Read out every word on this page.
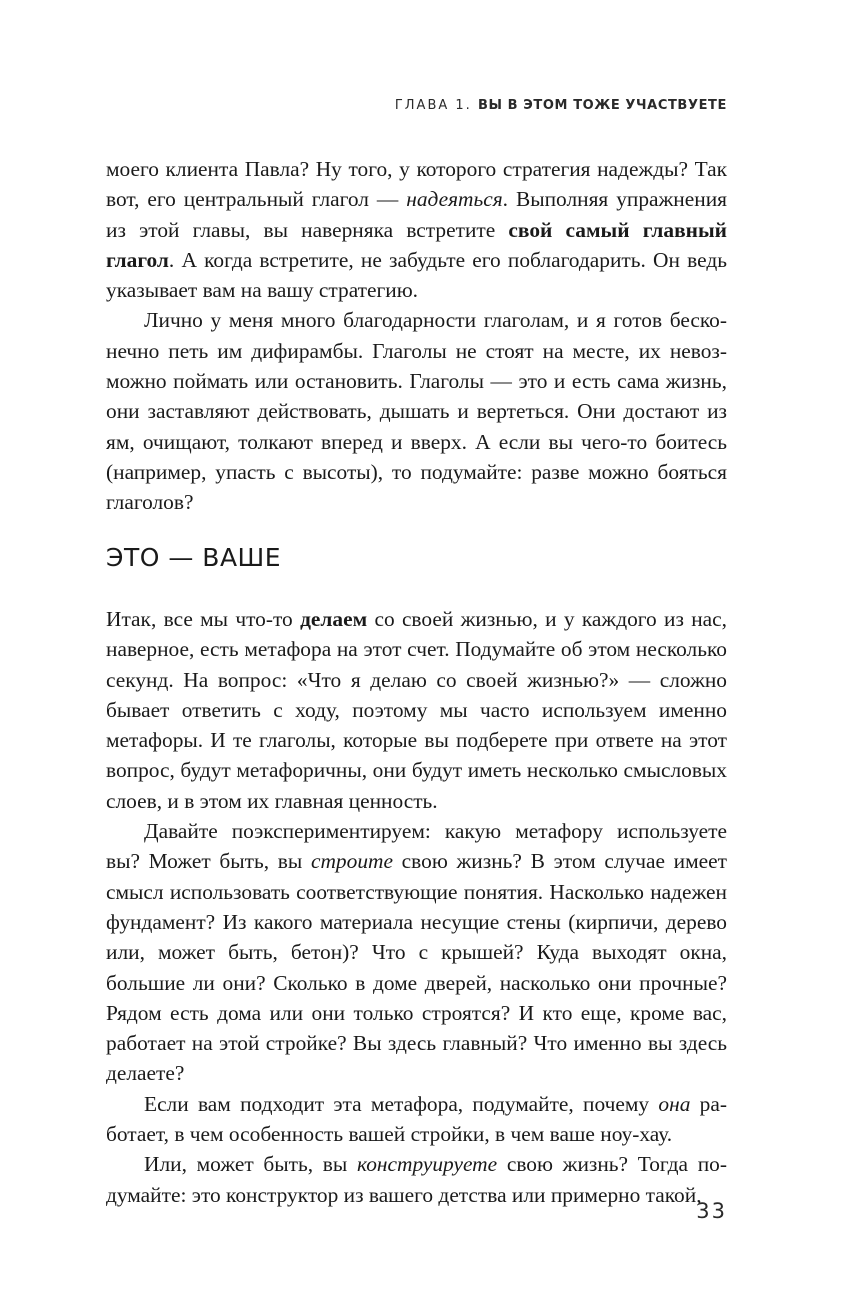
ГЛАВА 1. ВЫ В ЭТОМ ТОЖЕ УЧАСТВУЕТЕ

моего клиента Павла? Ну того, у которого стратегия надежды? Так вот, его центральный глагол — надеяться. Выполняя упражнения из этой главы, вы наверняка встретите свой самый главный глагол. А когда встретите, не забудьте его поблагодарить. Он ведь указывает вам на вашу стратегию.

Лично у меня много благодарности глаголам, и я готов бесконечно петь им дифирамбы. Глаголы не стоят на месте, их невозможно поймать или остановить. Глаголы — это и есть сама жизнь, они заставляют действовать, дышать и вертеться. Они достают из ям, очищают, толкают вперед и вверх. А если вы чего-то боитесь (например, упасть с высоты), то подумайте: разве можно бояться глаголов?

ЭТО — ВАШЕ

Итак, все мы что-то делаем со своей жизнью, и у каждого из нас, наверное, есть метафора на этот счет. Подумайте об этом несколько секунд. На вопрос: «Что я делаю со своей жизнью?» — сложно бывает ответить с ходу, поэтому мы часто используем именно метафоры. И те глаголы, которые вы подберете при ответе на этот вопрос, будут метафоричны, они будут иметь несколько смысловых слоев, и в этом их главная ценность.

Давайте поэкспериментируем: какую метафору используете вы? Может быть, вы строите свою жизнь? В этом случае имеет смысл использовать соответствующие понятия. Насколько надежен фундамент? Из какого материала несущие стены (кирпичи, дерево или, может быть, бетон)? Что с крышей? Куда выходят окна, большие ли они? Сколько в доме дверей, насколько они прочные? Рядом есть дома или они только строятся? И кто еще, кроме вас, работает на этой стройке? Вы здесь главный? Что именно вы здесь делаете?

Если вам подходит эта метафора, подумайте, почему она работает, в чем особенность вашей стройки, в чем ваше ноу-хау.

Или, может быть, вы конструируете свою жизнь? Тогда подумайте: это конструктор из вашего детства или примерно такой,

33
